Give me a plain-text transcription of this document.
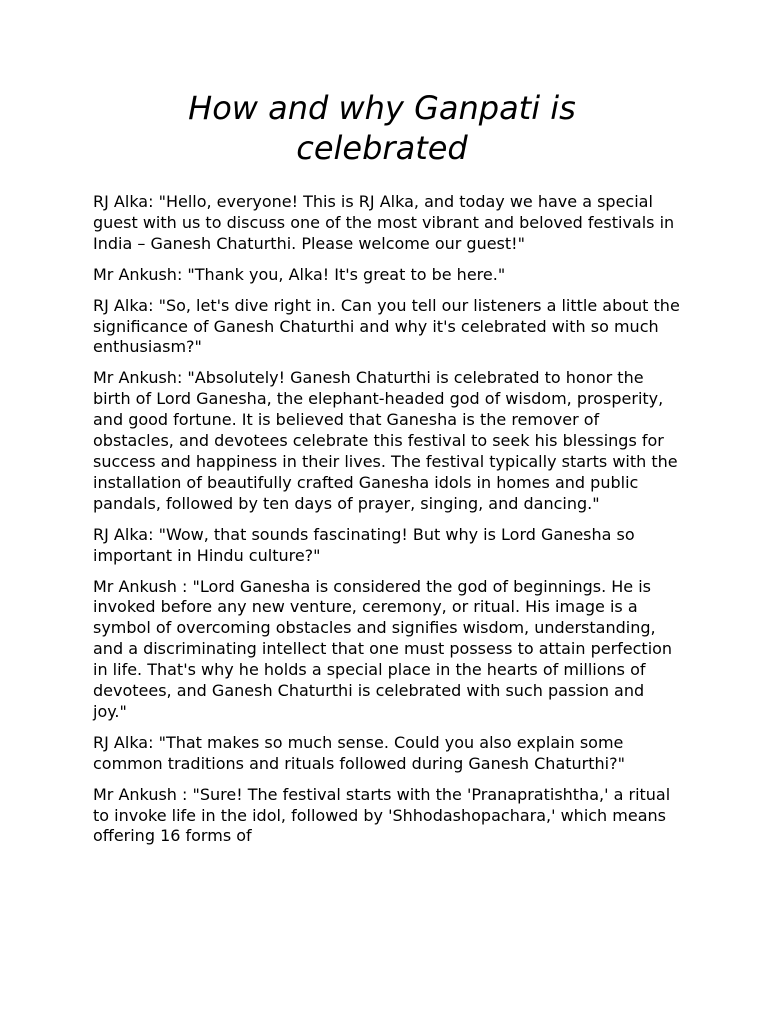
How and why Ganpati is celebrated

RJ Alka: "Hello, everyone! This is RJ Alka, and today we have a special guest with us to discuss one of the most vibrant and beloved festivals in India – Ganesh Chaturthi. Please welcome our guest!"

Mr Ankush: "Thank you, Alka! It's great to be here."

RJ Alka: "So, let's dive right in. Can you tell our listeners a little about the significance of Ganesh Chaturthi and why it's celebrated with so much enthusiasm?"

Mr Ankush: "Absolutely! Ganesh Chaturthi is celebrated to honor the birth of Lord Ganesha, the elephant-headed god of wisdom, prosperity, and good fortune. It is believed that Ganesha is the remover of obstacles, and devotees celebrate this festival to seek his blessings for success and happiness in their lives. The festival typically starts with the installation of beautifully crafted Ganesha idols in homes and public pandals, followed by ten days of prayer, singing, and dancing."

RJ Alka: "Wow, that sounds fascinating! But why is Lord Ganesha so important in Hindu culture?"

Mr Ankush : "Lord Ganesha is considered the god of beginnings. He is invoked before any new venture, ceremony, or ritual. His image is a symbol of overcoming obstacles and signifies wisdom, understanding, and a discriminating intellect that one must possess to attain perfection in life. That's why he holds a special place in the hearts of millions of devotees, and Ganesh Chaturthi is celebrated with such passion and joy."

RJ Alka: "That makes so much sense. Could you also explain some common traditions and rituals followed during Ganesh Chaturthi?"

Mr Ankush : "Sure! The festival starts with the 'Pranapratishtha,' a ritual to invoke life in the idol, followed by 'Shhodashopachara,' which means offering 16 forms of
